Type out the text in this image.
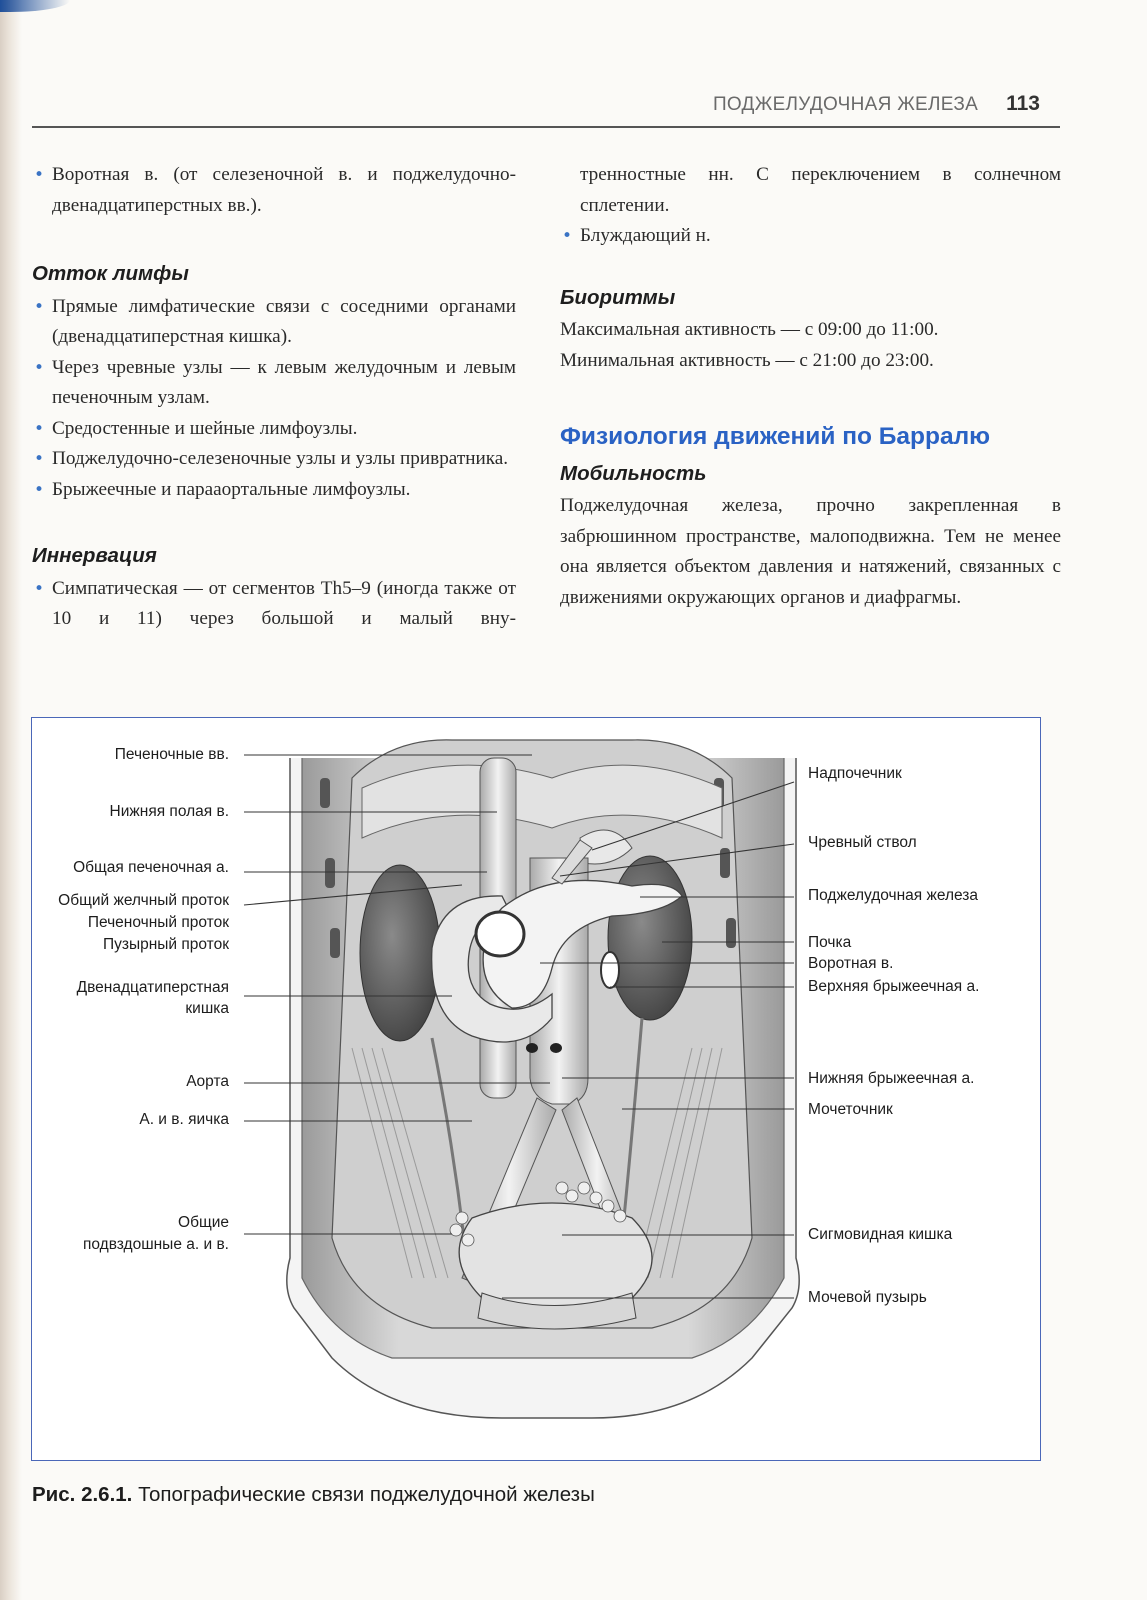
ПОДЖЕЛУДОЧНАЯ ЖЕЛЕЗА 113
• Воротная в. (от селезеночной в. и поджелудочно-двенадцатиперстных вв.).
Отток лимфы
• Прямые лимфатические связи с соседними органами (двенадцатиперстная кишка).
• Через чревные узлы — к левым желудочным и левым печеночным узлам.
• Средостенные и шейные лимфоузлы.
• Поджелудочно-селезеночные узлы и узлы привратника.
• Брыжеечные и парааортальные лимфоузлы.
Иннервация
• Симпатическая — от сегментов Th5–9 (иногда также от 10 и 11) через большой и малый вну-
тренностные нн. С переключением в солнечном сплетении.
• Блуждающий н.
Биоритмы

Максимальная активность — с 09:00 до 11:00.

Минимальная активность — с 21:00 до 23:00.

Физиология движений по Барралю
Мобильность

Поджелудочная железа, прочно закрепленная в забрюшинном пространстве, малоподвижна. Тем не менее она является объектом давления и натяжений, связанных с движениями окружающих органов и диафрагмы.

Печеночные вв.
Нижняя полая в.
Общая печеночная а.
Общий желчный проток
Печеночный проток
Пузырный проток
Двенадцатиперстная
кишка
Аорта
А. и в. яичка
Общие
подвздошные а. и в.
Надпочечник
Чревный ствол
Поджелудочная железа
Почка
Воротная в.
Верхняя брыжеечная а.
Нижняя брыжеечная а.
Мочеточник
Сигмовидная кишка
Мочевой пузырь
Рис. 2.6.1. Топографические связи поджелудочной железы
